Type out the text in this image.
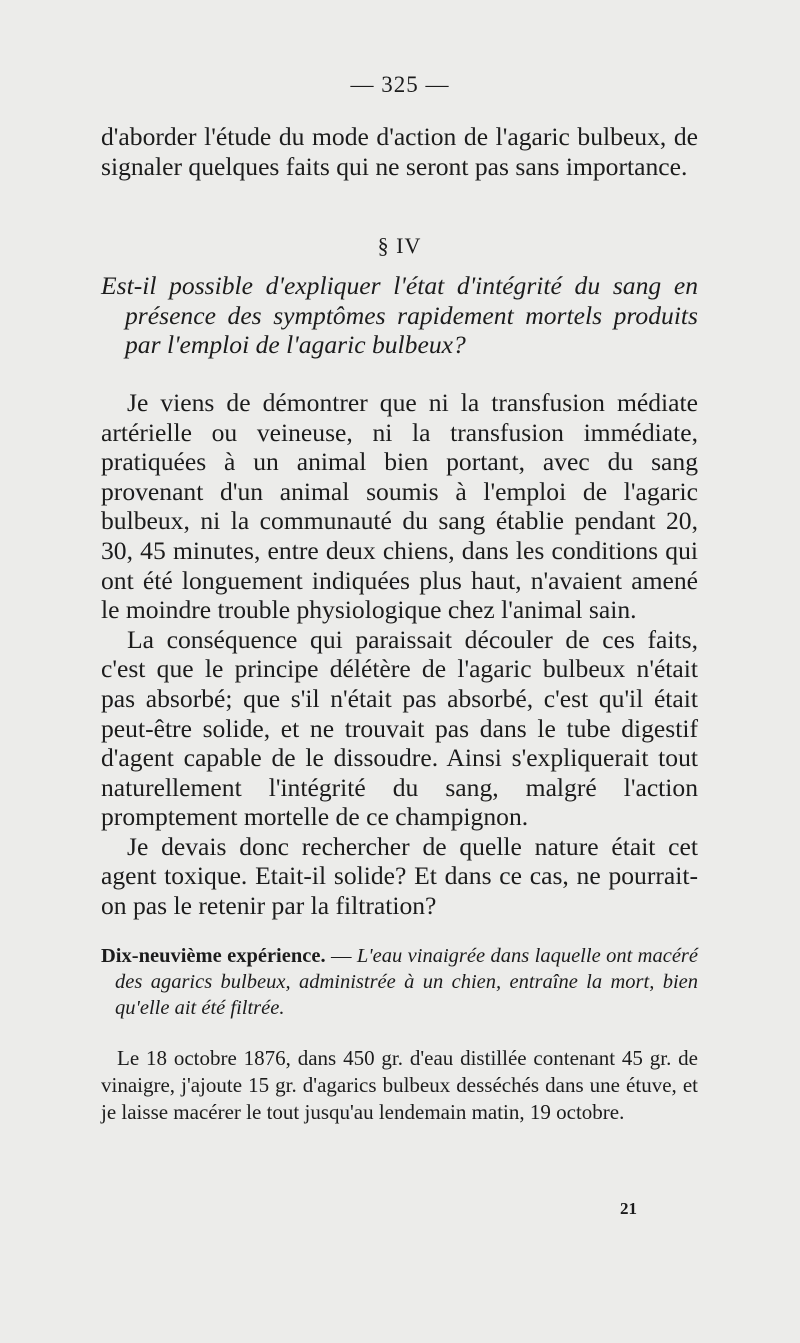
— 325 —

d'aborder l'étude du mode d'action de l'agaric bulbeux, de signaler quelques faits qui ne seront pas sans importance.

§ IV
Est-il possible d'expliquer l'état d'intégrité du sang en présence des symptômes rapidement mortels produits par l'emploi de l'agaric bulbeux?

Je viens de démontrer que ni la transfusion médiate artérielle ou veineuse, ni la transfusion immédiate, pratiquées à un animal bien portant, avec du sang provenant d'un animal soumis à l'emploi de l'agaric bulbeux, ni la communauté du sang établie pendant 20, 30, 45 minutes, entre deux chiens, dans les conditions qui ont été longuement indiquées plus haut, n'avaient amené le moindre trouble physiologique chez l'animal sain.

La conséquence qui paraissait découler de ces faits, c'est que le principe délétère de l'agaric bulbeux n'était pas absorbé; que s'il n'était pas absorbé, c'est qu'il était peut-être solide, et ne trouvait pas dans le tube digestif d'agent capable de le dissoudre. Ainsi s'expliquerait tout naturellement l'intégrité du sang, malgré l'action promptement mortelle de ce champignon.

Je devais donc rechercher de quelle nature était cet agent toxique. Etait-il solide? Et dans ce cas, ne pourrait-on pas le retenir par la filtration?

Dix-neuvième expérience. — L'eau vinaigrée dans laquelle ont macéré des agarics bulbeux, administrée à un chien, entraîne la mort, bien qu'elle ait été filtrée.

Le 18 octobre 1876, dans 450 gr. d'eau distillée contenant 45 gr. de vinaigre, j'ajoute 15 gr. d'agarics bulbeux desséchés dans une étuve, et je laisse macérer le tout jusqu'au lendemain matin, 19 octobre.

21
